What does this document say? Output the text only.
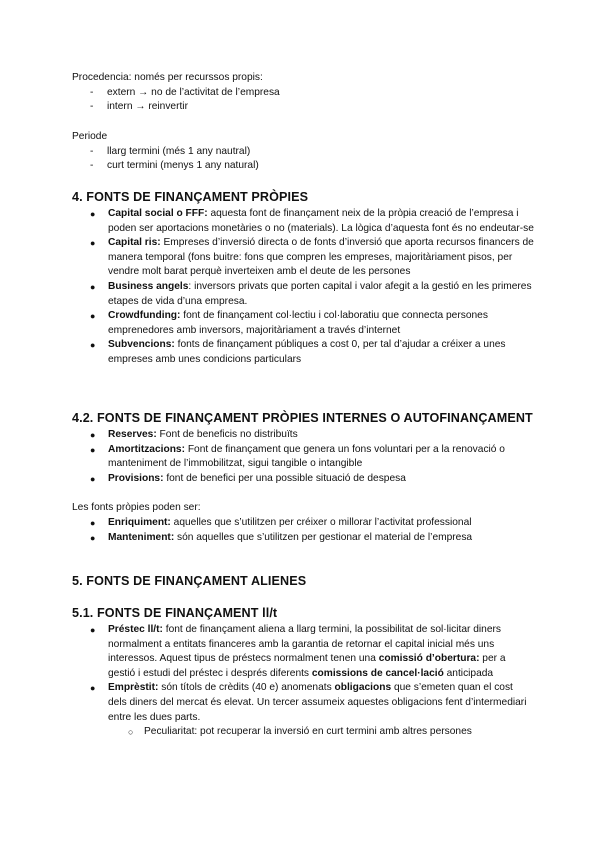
Procedencia: només per recurssos propis:
- extern → no de l’activitat de l’empresa
- intern → reinvertir
Periode
- llarg termini (més 1 any nautral)
- curt termini (menys 1 any natural)
4. FONTS DE FINANÇAMENT PRÒPIES
● Capital social o FFF: aquesta font de finançament neix de la pròpia creació de l’empresa i poden ser aportacions monetàries o no (materials). La lògica d’aquesta font és no endeutar-se
● Capital ris: Empreses d’inversió directa o de fonts d’inversió que aporta recursos financers de manera temporal (fons buitre: fons que compren les empreses, majoritàriament pisos, per vendre molt barat perquè inverteixen amb el deute de les persones
● Business angels: inversors privats que porten capital i valor afegit a la gestió en les primeres etapes de vida d’una empresa.
● Crowdfunding: font de finançament col·lectiu i col·laboratiu que connecta persones emprenedores amb inversors, majoritàriament a través d’internet
● Subvencions: fonts de finançament públiques a cost 0, per tal d’ajudar a créixer a unes empreses amb unes condicions particulars
4.2. FONTS DE FINANÇAMENT PRÒPIES INTERNES O AUTOFINANÇAMENT
● Reserves: Font de beneficis no distribuïts
● Amortitzacions: Font de finançament que genera un fons voluntari per a la renovació o manteniment de l’immobilitzat, sigui tangible o intangible
● Provisions: font de benefici per una possible situació de despesa
Les fonts pròpies poden ser:
● Enriquiment: aquelles que s’utilitzen per créixer o millorar l’activitat professional
● Manteniment: són aquelles que s’utilitzen per gestionar el material de l’empresa
5. FONTS DE FINANÇAMENT ALIENES
5.1. FONTS DE FINANÇAMENT ll/t
● Préstec ll/t: font de finançament aliena a llarg termini, la possibilitat de sol·licitar diners normalment a entitats financeres amb la garantia de retornar el capital inicial més uns interessos. Aquest tipus de préstecs normalment tenen una comissió d’obertura: per a gestió i estudi del préstec i després diferents comissions de cancel·lació anticipada
● Emprèstit: són títols de crèdits (40 e) anomenats obligacions que s’emeten quan el cost dels diners del mercat és elevat. Un tercer assumeix aquestes obligacions fent d’intermediari entre les dues parts.
○ Peculiaritat: pot recuperar la inversió en curt termini amb altres persones
